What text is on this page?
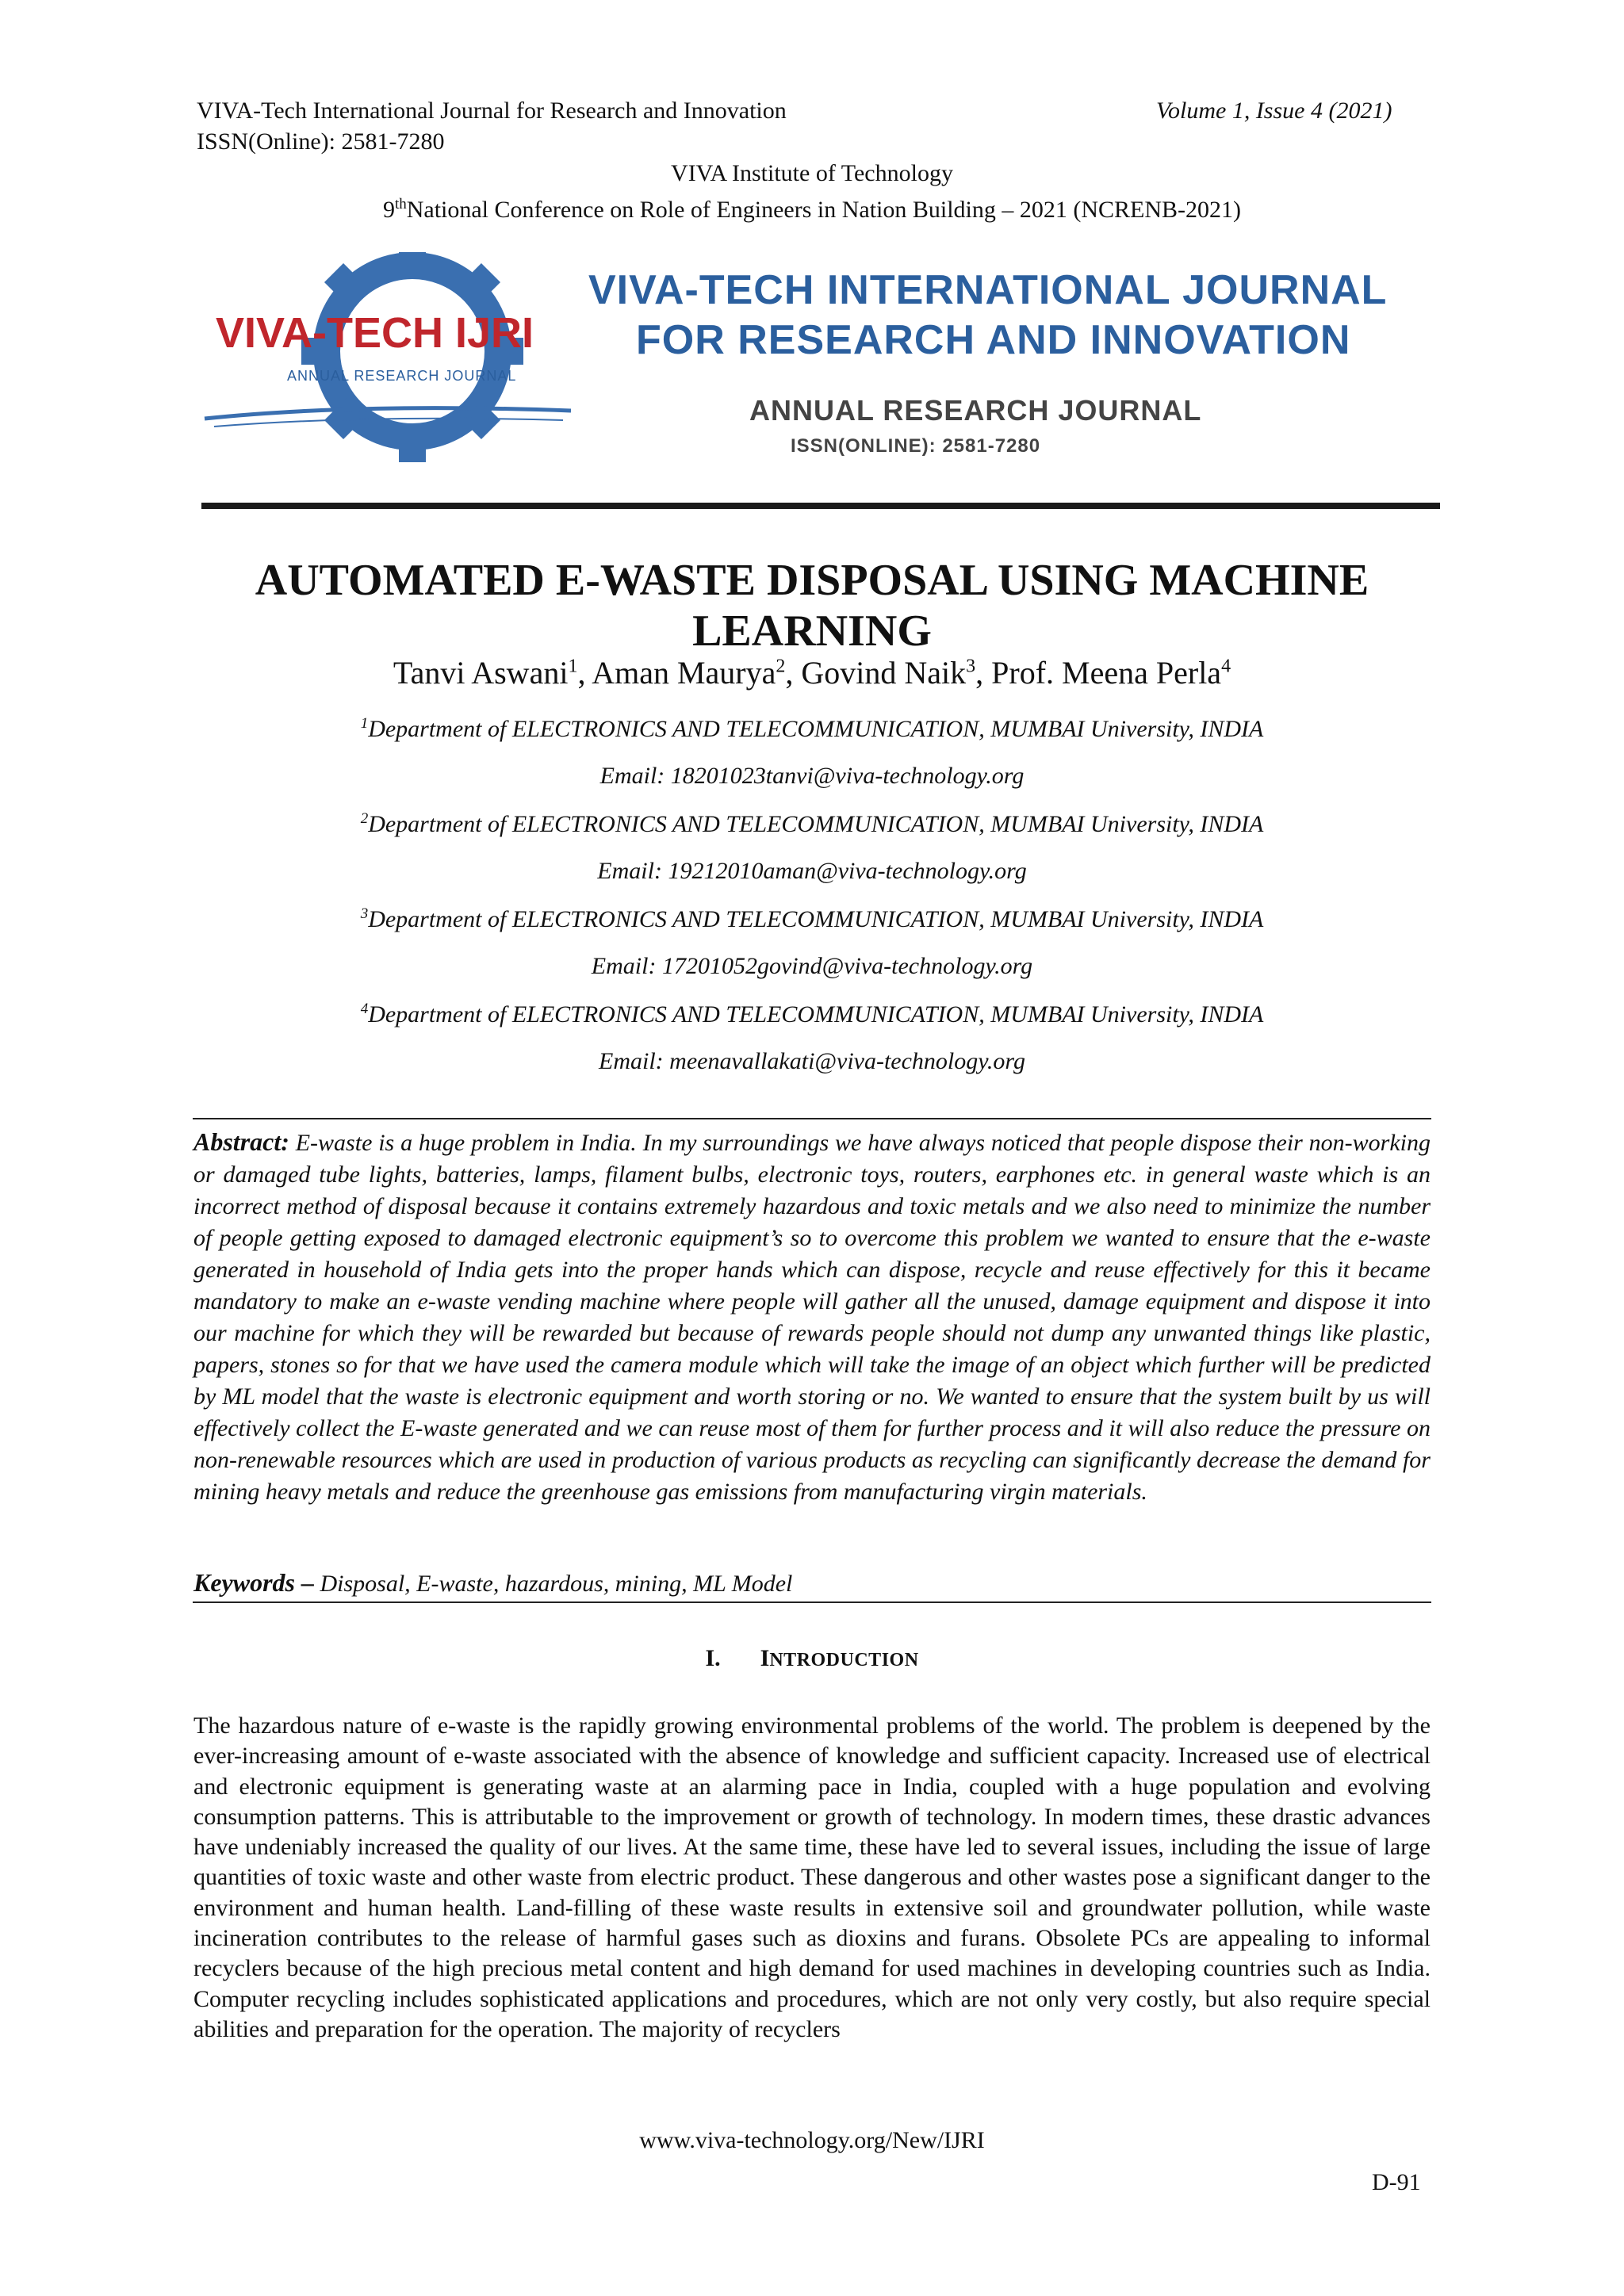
VIVA-Tech International Journal for Research and Innovation	Volume 1, Issue 4 (2021)
ISSN(Online): 2581-7280
VIVA Institute of Technology
9thNational Conference on Role of Engineers in Nation Building – 2021 (NCRENB-2021)
VIVA-TECH IJRI
ANNUAL RESEARCH JOURNAL
VIVA-TECH INTERNATIONAL JOURNAL
FOR RESEARCH AND INNOVATION
ANNUAL RESEARCH JOURNAL
ISSN(ONLINE): 2581-7280
AUTOMATED E-WASTE DISPOSAL USING MACHINE LEARNING
Tanvi Aswani$^1$, Aman Maurya$^2$, Govind Naik$^3$, Prof. Meena Perla$^4$
$^1$Department of ELECTRONICS AND TELECOMMUNICATION, MUMBAI University, INDIA
Email: 18201023tanvi@viva-technology.org
$^2$Department of ELECTRONICS AND TELECOMMUNICATION, MUMBAI University, INDIA
Email: 19212010aman@viva-technology.org
$^3$Department of ELECTRONICS AND TELECOMMUNICATION, MUMBAI University, INDIA
Email: 17201052govind@viva-technology.org
$^4$Department of ELECTRONICS AND TELECOMMUNICATION, MUMBAI University, INDIA
Email: meenavallakati@viva-technology.org
Abstract: E-waste is a huge problem in India. In my surroundings we have always noticed that people dispose their non-working or damaged tube lights, batteries, lamps, filament bulbs, electronic toys, routers, earphones etc. in general waste which is an incorrect method of disposal because it contains extremely hazardous and toxic metals and we also need to minimize the number of people getting exposed to damaged electronic equipment’s so to overcome this problem we wanted to ensure that the e-waste generated in household of India gets into the proper hands which can dispose, recycle and reuse effectively for this it became mandatory to make an e-waste vending machine where people will gather all the unused, damage equipment and dispose it into our machine for which they will be rewarded but because of rewards people should not dump any unwanted things like plastic, papers, stones so for that we have used the camera module which will take the image of an object which further will be predicted by ML model that the waste is electronic equipment and worth storing or no. We wanted to ensure that the system built by us will effectively collect the E-waste generated and we can reuse most of them for further process and it will also reduce the pressure on non-renewable resources which are used in production of various products as recycling can significantly decrease the demand for mining heavy metals and reduce the greenhouse gas emissions from manufacturing virgin materials.
Keywords – Disposal, E-waste, hazardous, mining, ML Model
I. INTRODUCTION
The hazardous nature of e-waste is the rapidly growing environmental problems of the world. The problem is deepened by the ever-increasing amount of e-waste associated with the absence of knowledge and sufficient capacity. Increased use of electrical and electronic equipment is generating waste at an alarming pace in India, coupled with a huge population and evolving consumption patterns. This is attributable to the improvement or growth of technology. In modern times, these drastic advances have undeniably increased the quality of our lives. At the same time, these have led to several issues, including the issue of large quantities of toxic waste and other waste from electric product. These dangerous and other wastes pose a significant danger to the environment and human health. Land-filling of these waste results in extensive soil and groundwater pollution, while waste incineration contributes to the release of harmful gases such as dioxins and furans. Obsolete PCs are appealing to informal recyclers because of the high precious metal content and high demand for used machines in developing countries such as India. Computer recycling includes sophisticated applications and procedures, which are not only very costly, but also require special abilities and preparation for the operation. The majority of recyclers
www.viva-technology.org/New/IJRI
D-91
